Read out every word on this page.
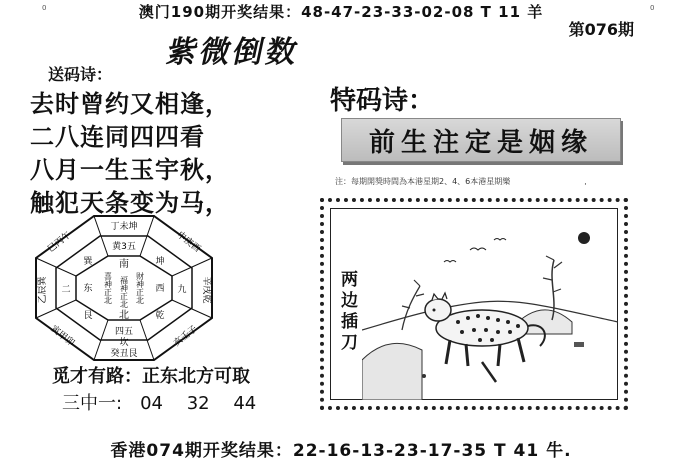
0	0
澳门190期开奖结果：48-47-23-33-02-08 T 11 羊
第076期
紫微倒数
送码诗：
去时曾约又相逢，
二八连同四四看
八月一生玉宇秋，
触犯天条变为马，
丁未坤
申庚酉
辛戌乾
亥壬子
癸丑艮
寅甲卯
乙辰巽
巳丙午	黄3五
四五
九
二
坤
乾
艮
巽	南
北
东	西
喜神正北	财神正北
福神正北
坎
觅才有路：正东北方可取
三中一: 04 32 44
特码诗：
前生注定是姻缘
注：每期開獎時間為本港星期2、4、6本港星期樂	·
两边插刀
香港074期开奖结果：22-16-13-23-17-35 T 41 牛.
